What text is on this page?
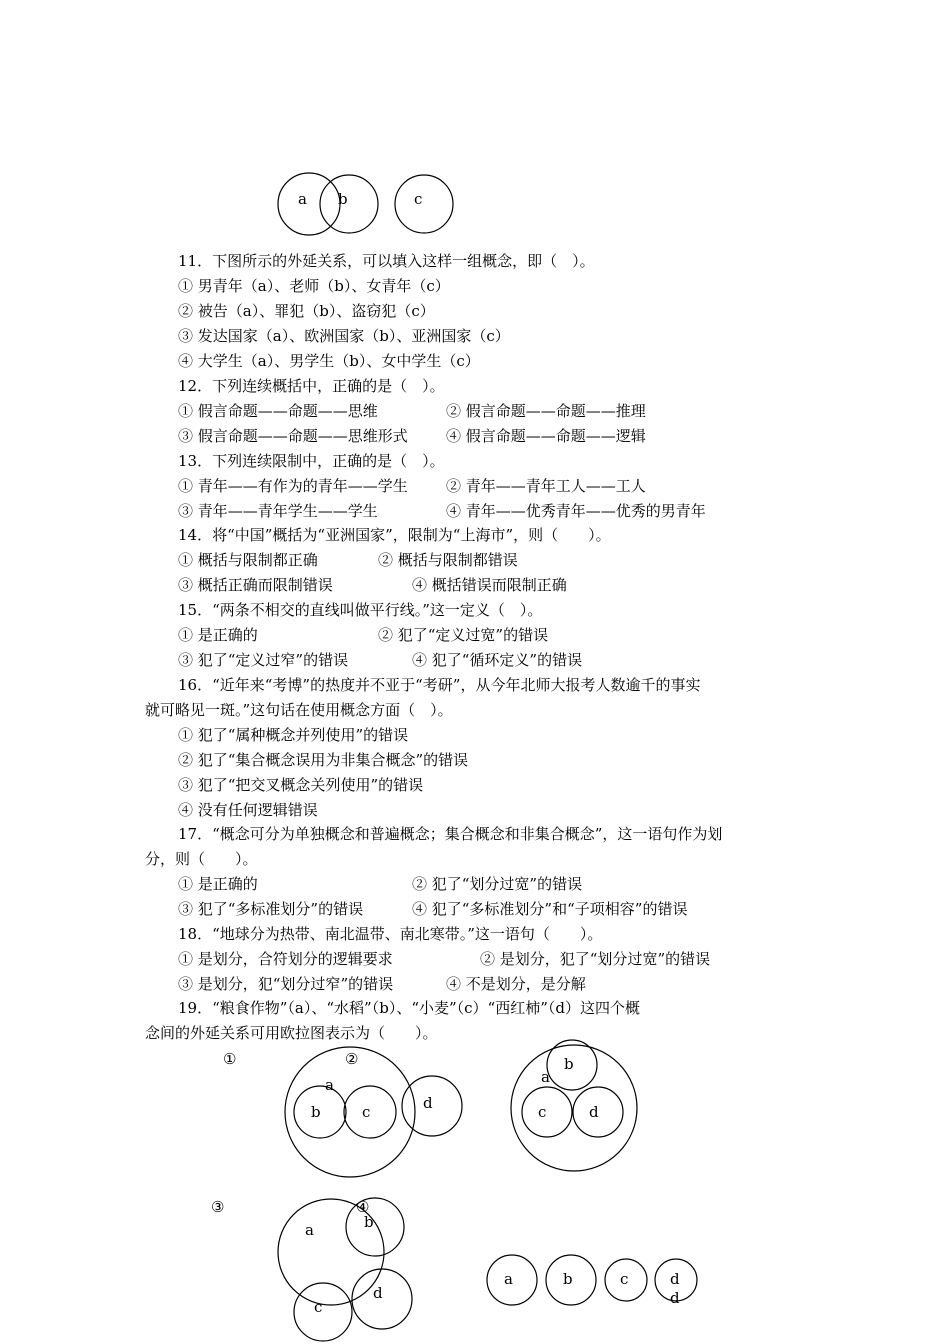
a b	c
11．下图所示的外延关系，可以填入这样一组概念，即（　）。
① 男青年（a）、老师（b）、女青年（c）
② 被告（a）、罪犯（b）、盗窃犯（c）
③ 发达国家（a）、欧洲国家（b）、亚洲国家（c）
④ 大学生（a）、男学生（b）、女中学生（c）
12．下列连续概括中，正确的是（　）。
① 假言命题——命题——思维	② 假言命题——命题——推理
③ 假言命题——命题——思维形式	④ 假言命题——命题——逻辑
13．下列连续限制中，正确的是（　）。
① 青年——有作为的青年——学生	② 青年——青年工人——工人
③ 青年——青年学生——学生	④ 青年——优秀青年——优秀的男青年
14．将“中国”概括为“亚洲国家”，限制为“上海市”，则（　　）。
① 概括与限制都正确	② 概括与限制都错误
③ 概括正确而限制错误	④ 概括错误而限制正确
15．“两条不相交的直线叫做平行线。”这一定义（　）。
① 是正确的	② 犯了“定义过宽”的错误
③ 犯了“定义过窄”的错误	④ 犯了“循环定义”的错误
16．“近年来“考博”的热度并不亚于“考研”，从今年北师大报考人数逾千的事实
就可略见一斑。”这句话在使用概念方面（　）。
① 犯了“属种概念并列使用”的错误
② 犯了“集合概念误用为非集合概念”的错误
③ 犯了“把交叉概念关列使用”的错误
④ 没有任何逻辑错误
17．“概念可分为单独概念和普遍概念；集合概念和非集合概念”，这一语句作为划
分，则（　　）。
① 是正确的	② 犯了“划分过宽”的错误
③ 犯了“多标准划分”的错误	④ 犯了“多标准划分”和“子项相容”的错误
18．“地球分为热带、南北温带、南北寒带。”这一语句（　　）。
① 是划分，合符划分的逻辑要求	② 是划分，犯了“划分过宽”的错误
③ 是划分，犯“划分过窄”的错误	④ 不是划分，是分解
19．“粮食作物”（a）、“水稻”（b）、“小麦”（c）“西红柿”（d）这四个概
念间的外延关系可用欧拉图表示为（　　）。
①	②
③	④
a
b	c	d
a
b
c	d
a	b
c
d
a	b	c	d
d
